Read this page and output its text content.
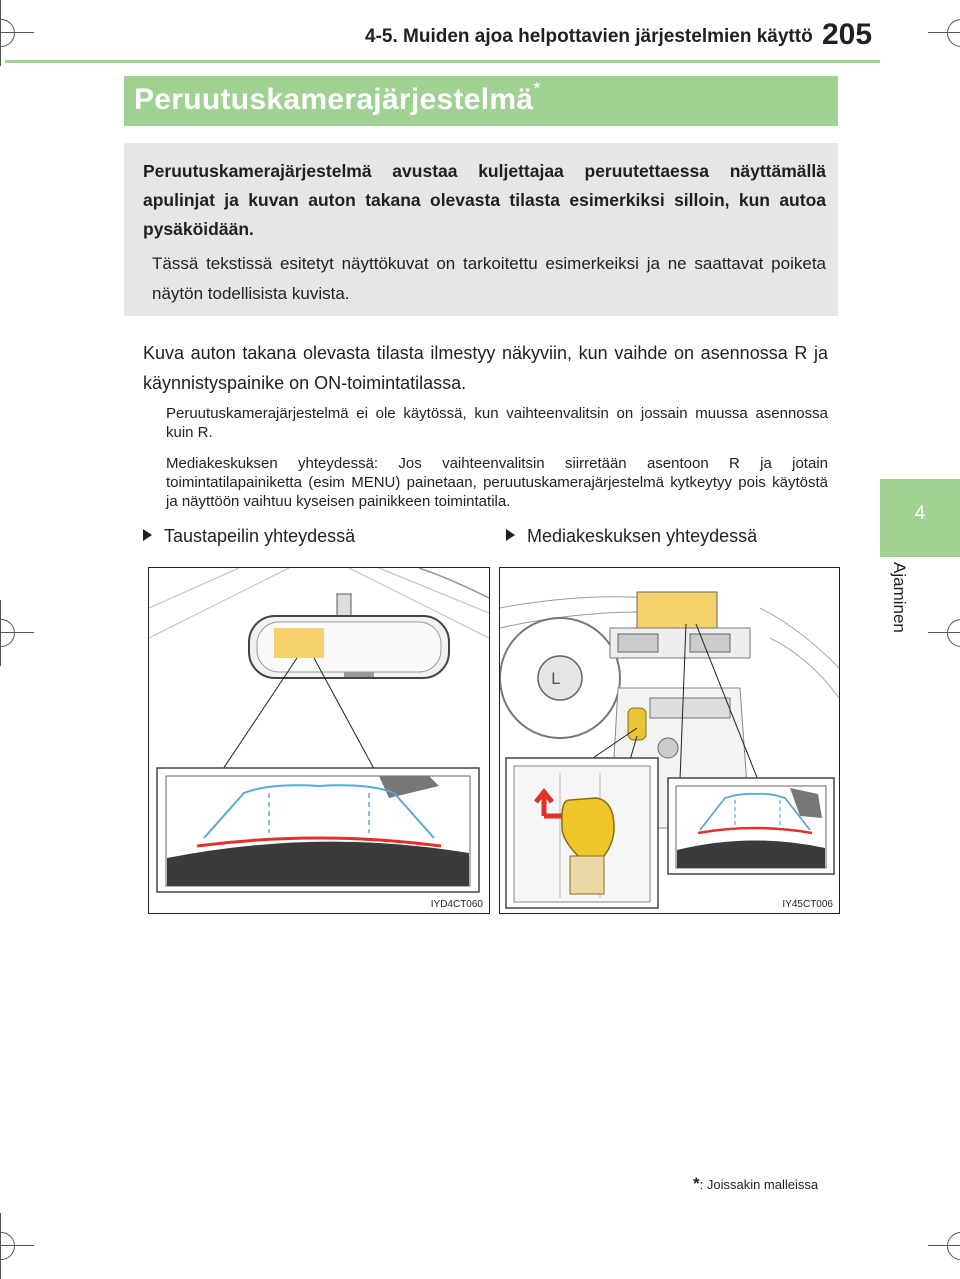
4-5. Muiden ajoa helpottavien järjestelmien käyttö 205
4
Ajaminen
Peruutuskamerajärjestelmä*
Peruutuskamerajärjestelmä avustaa kuljettajaa peruutettaessa näyttämällä apulinjat ja kuvan auton takana olevasta tilasta esimerkiksi silloin, kun autoa pysäköidään.
Tässä tekstissä esitetyt näyttökuvat on tarkoitettu esimerkeiksi ja ne saattavat poiketa näytön todellisista kuvista.
Kuva auton takana olevasta tilasta ilmestyy näkyviin, kun vaihde on asennossa R ja käynnistyspainike on ON-toimintatilassa.
Peruutuskamerajärjestelmä ei ole käytössä, kun vaihteenvalitsin on jossain muussa asennossa kuin R.
Mediakeskuksen yhteydessä: Jos vaihteenvalitsin siirretään asentoon R ja jotain toimintatilapainiketta (esim MENU) painetaan, peruutuskamerajärjestelmä kytkeytyy pois käytöstä ja näyttöön vaihtuu kyseisen painikkeen toimintatila.
Taustapeilin yhteydessä	Mediakeskuksen yhteydessä
IYD4CT060
L
IY45CT006
*: Joissakin malleissa
